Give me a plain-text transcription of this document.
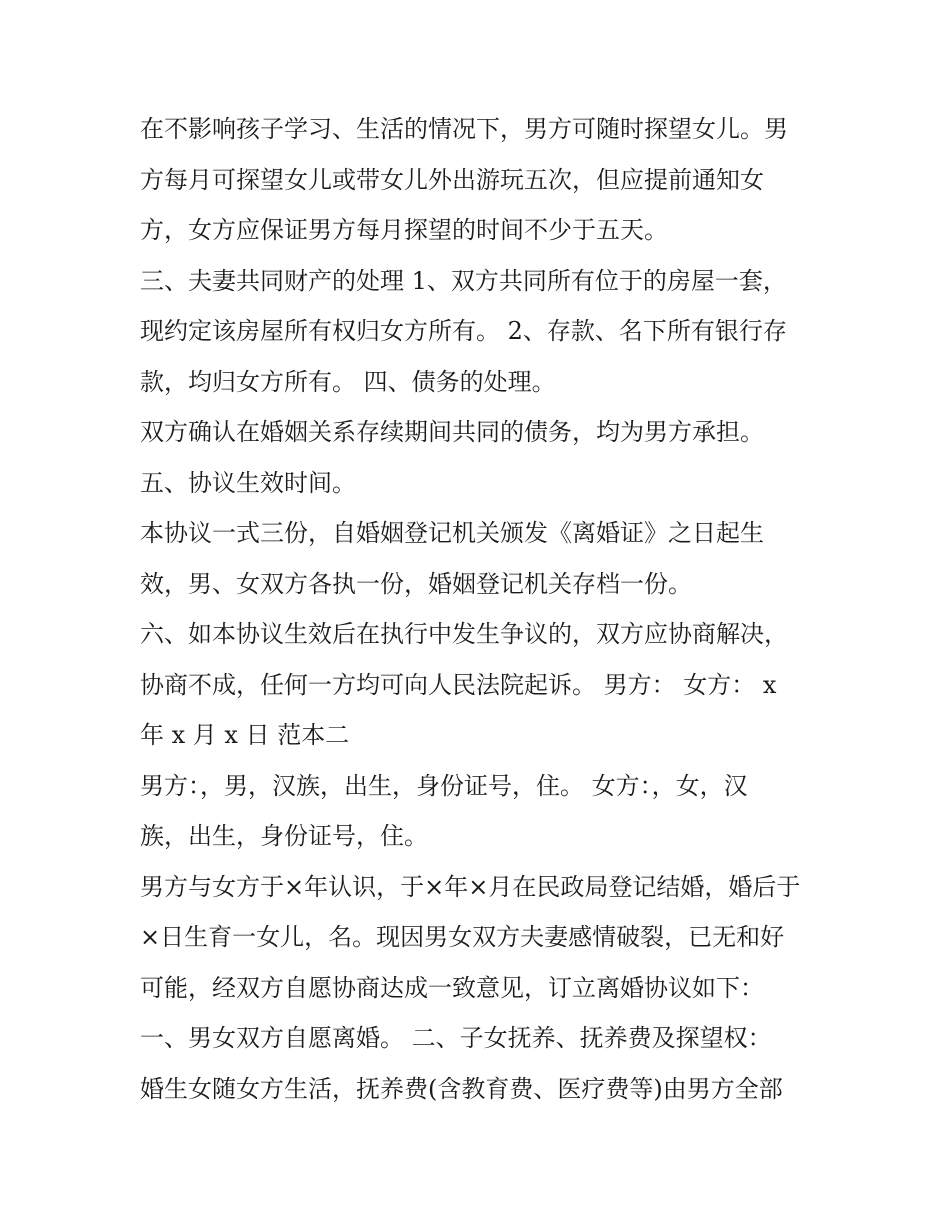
在不影响孩子学习、生活的情况下，男方可随时探望女儿。男
方每月可探望女儿或带女儿外出游玩五次，但应提前通知女
方，女方应保证男方每月探望的时间不少于五天。
三、夫妻共同财产的处理 1、双方共同所有位于的房屋一套，
现约定该房屋所有权归女方所有。 2、存款、名下所有银行存
款，均归女方所有。 四、债务的处理。
双方确认在婚姻关系存续期间共同的债务，均为男方承担。
五、协议生效时间。
本协议一式三份，自婚姻登记机关颁发《离婚证》之日起生
效，男、女双方各执一份，婚姻登记机关存档一份。
六、如本协议生效后在执行中发生争议的，双方应协商解决，
协商不成，任何一方均可向人民法院起诉。 男方： 女方： x
年 x 月 x 日 范本二
男方：，男，汉族，出生，身份证号，住。 女方：，女，汉
族，出生，身份证号，住。
男方与女方于×年认识，于×年×月在民政局登记结婚，婚后于
×日生育一女儿，名。现因男女双方夫妻感情破裂，已无和好
可能，经双方自愿协商达成一致意见，订立离婚协议如下：
一、男女双方自愿离婚。 二、子女抚养、抚养费及探望权：
婚生女随女方生活，抚养费(含教育费、医疗费等)由男方全部
